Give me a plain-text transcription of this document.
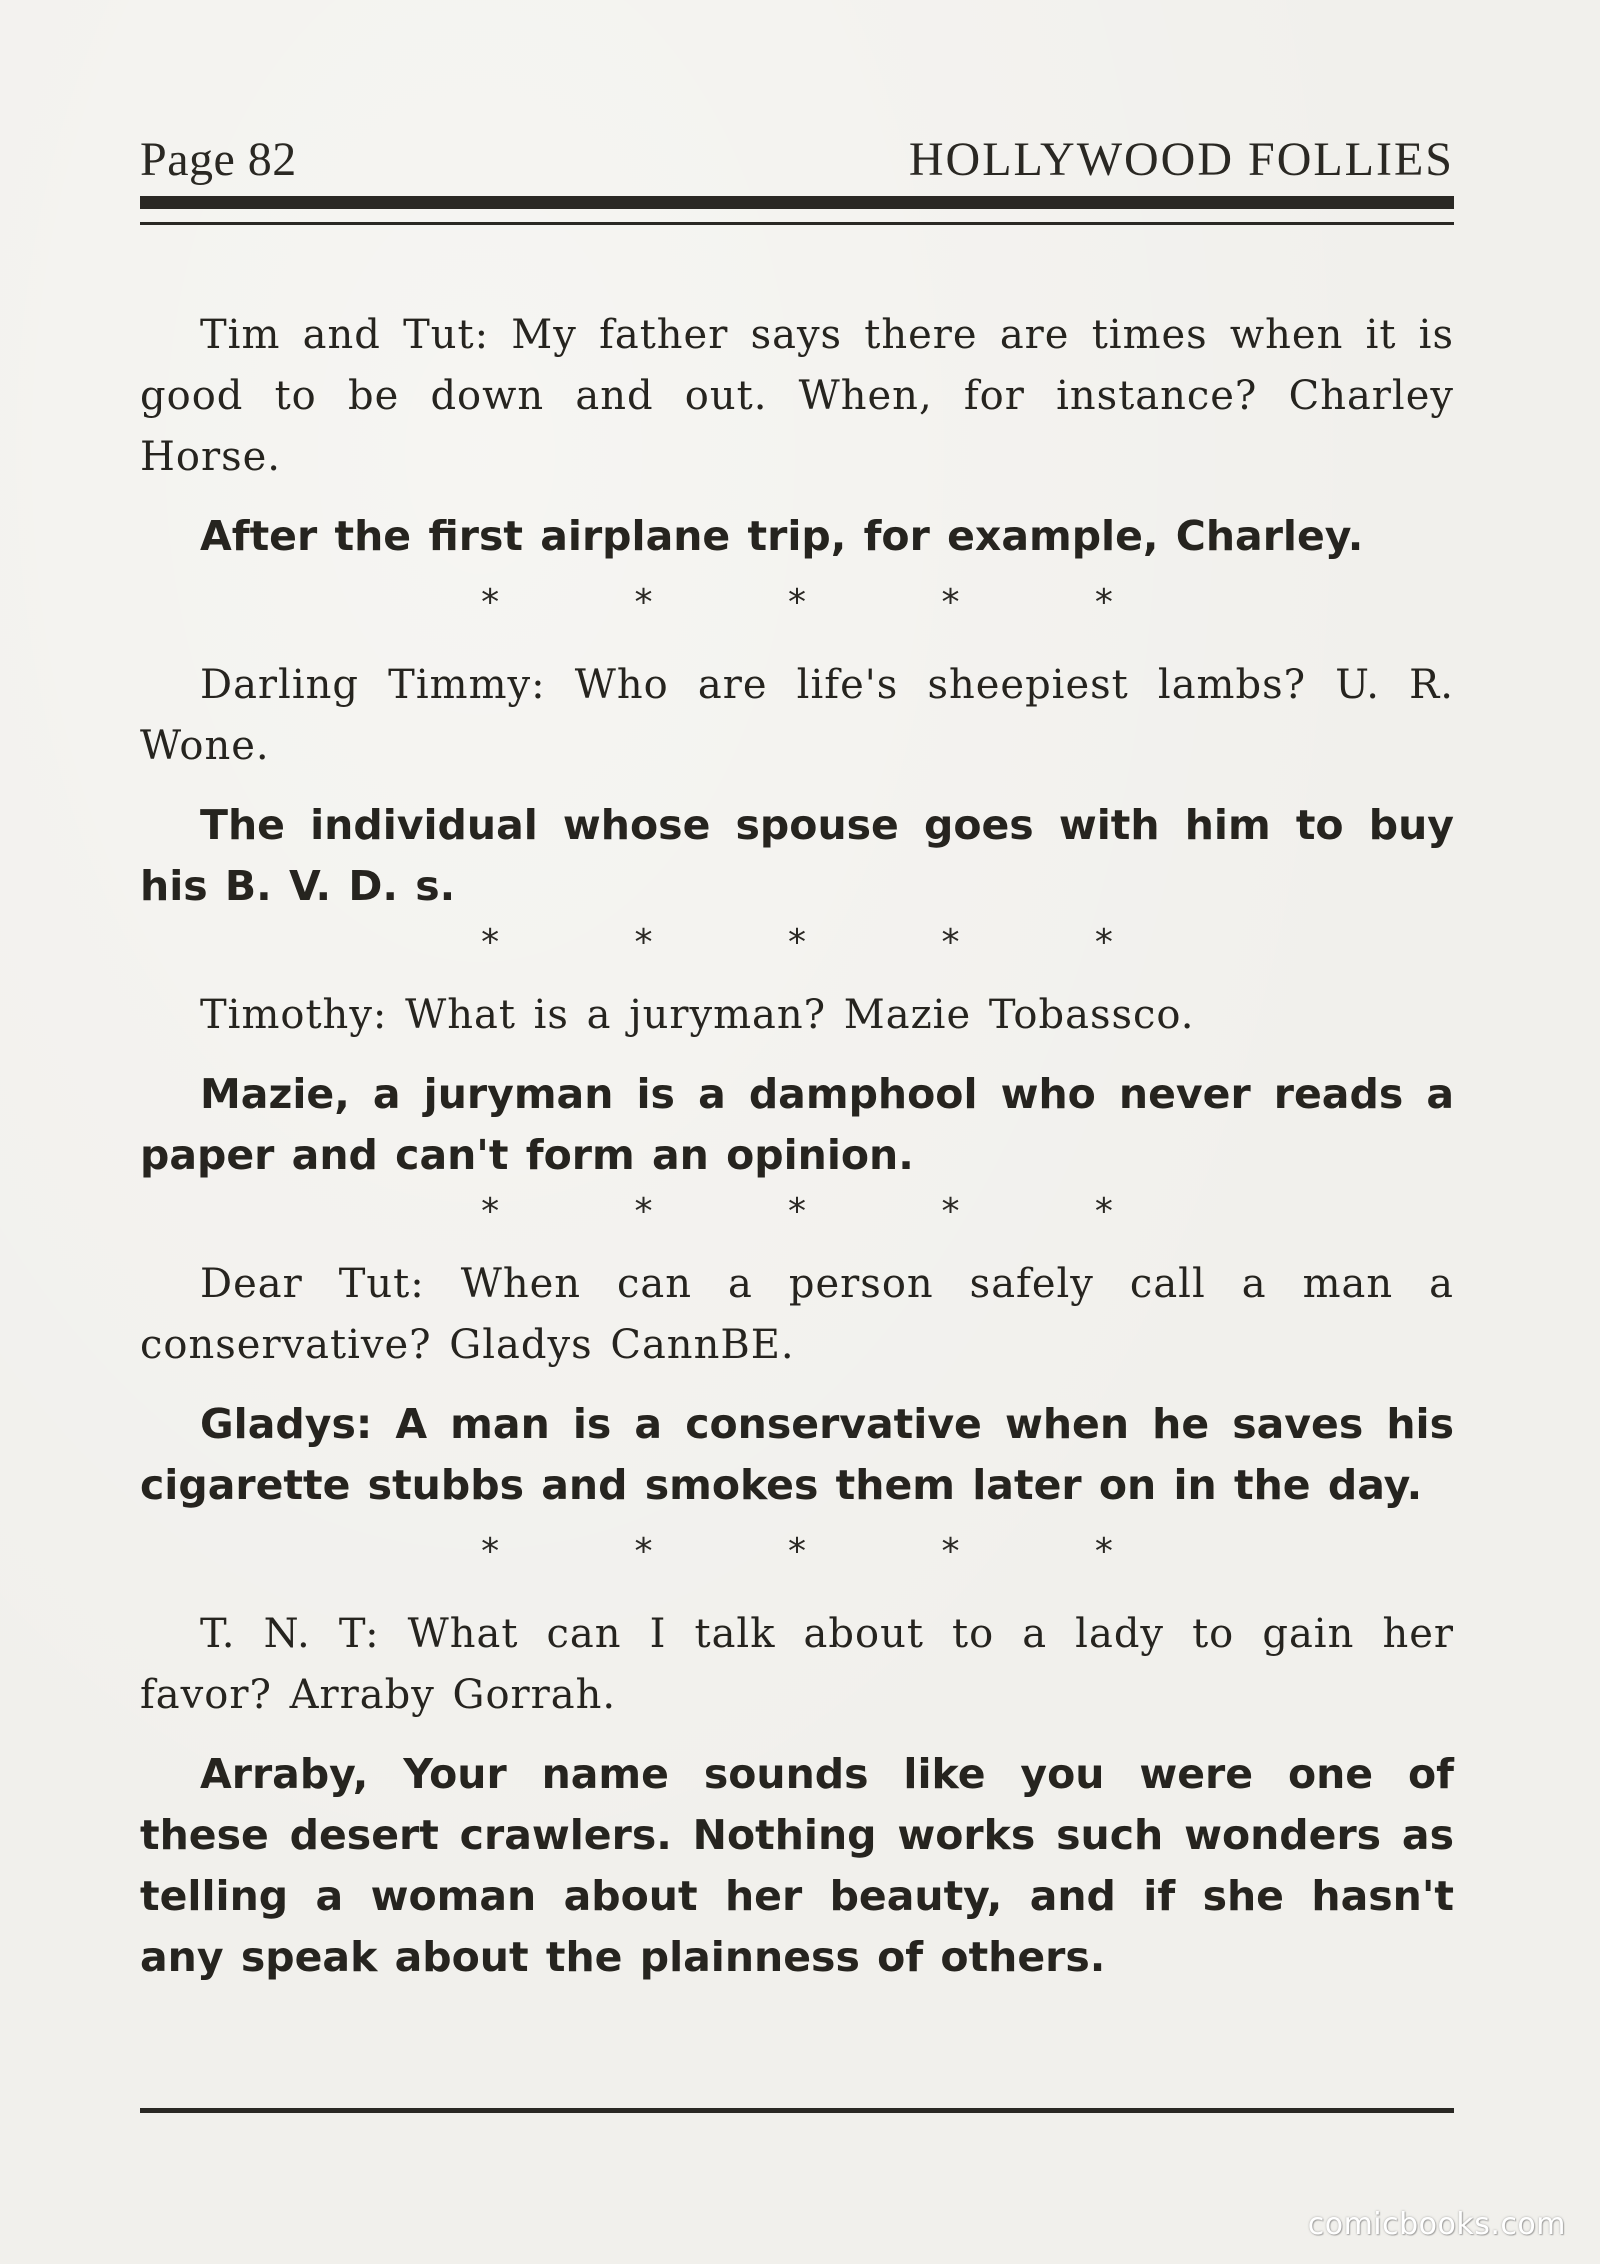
Page 82	HOLLYWOOD FOLLIES

Tim and Tut: My father says there are times when it is good to be down and out. When, for instance? Charley Horse.

After the first airplane trip, for example, Charley.

* * * * *

Darling Timmy: Who are life's sheepiest lambs? U. R. Wone.

The individual whose spouse goes with him to buy his B. V. D. s.

* * * * *

Timothy: What is a juryman? Mazie Tobassco.

Mazie, a juryman is a damphool who never reads a paper and can't form an opinion.

* * * * *

Dear Tut: When can a person safely call a man a conservative? Gladys CannBE.

Gladys: A man is a conservative when he saves his cigarette stubbs and smokes them later on in the day.

* * * * *

T. N. T: What can I talk about to a lady to gain her favor? Arraby Gorrah.

Arraby, Your name sounds like you were one of these desert crawlers. Nothing works such wonders as telling a woman about her beauty, and if she hasn't any speak about the plainness of others.

comicbooks.com
